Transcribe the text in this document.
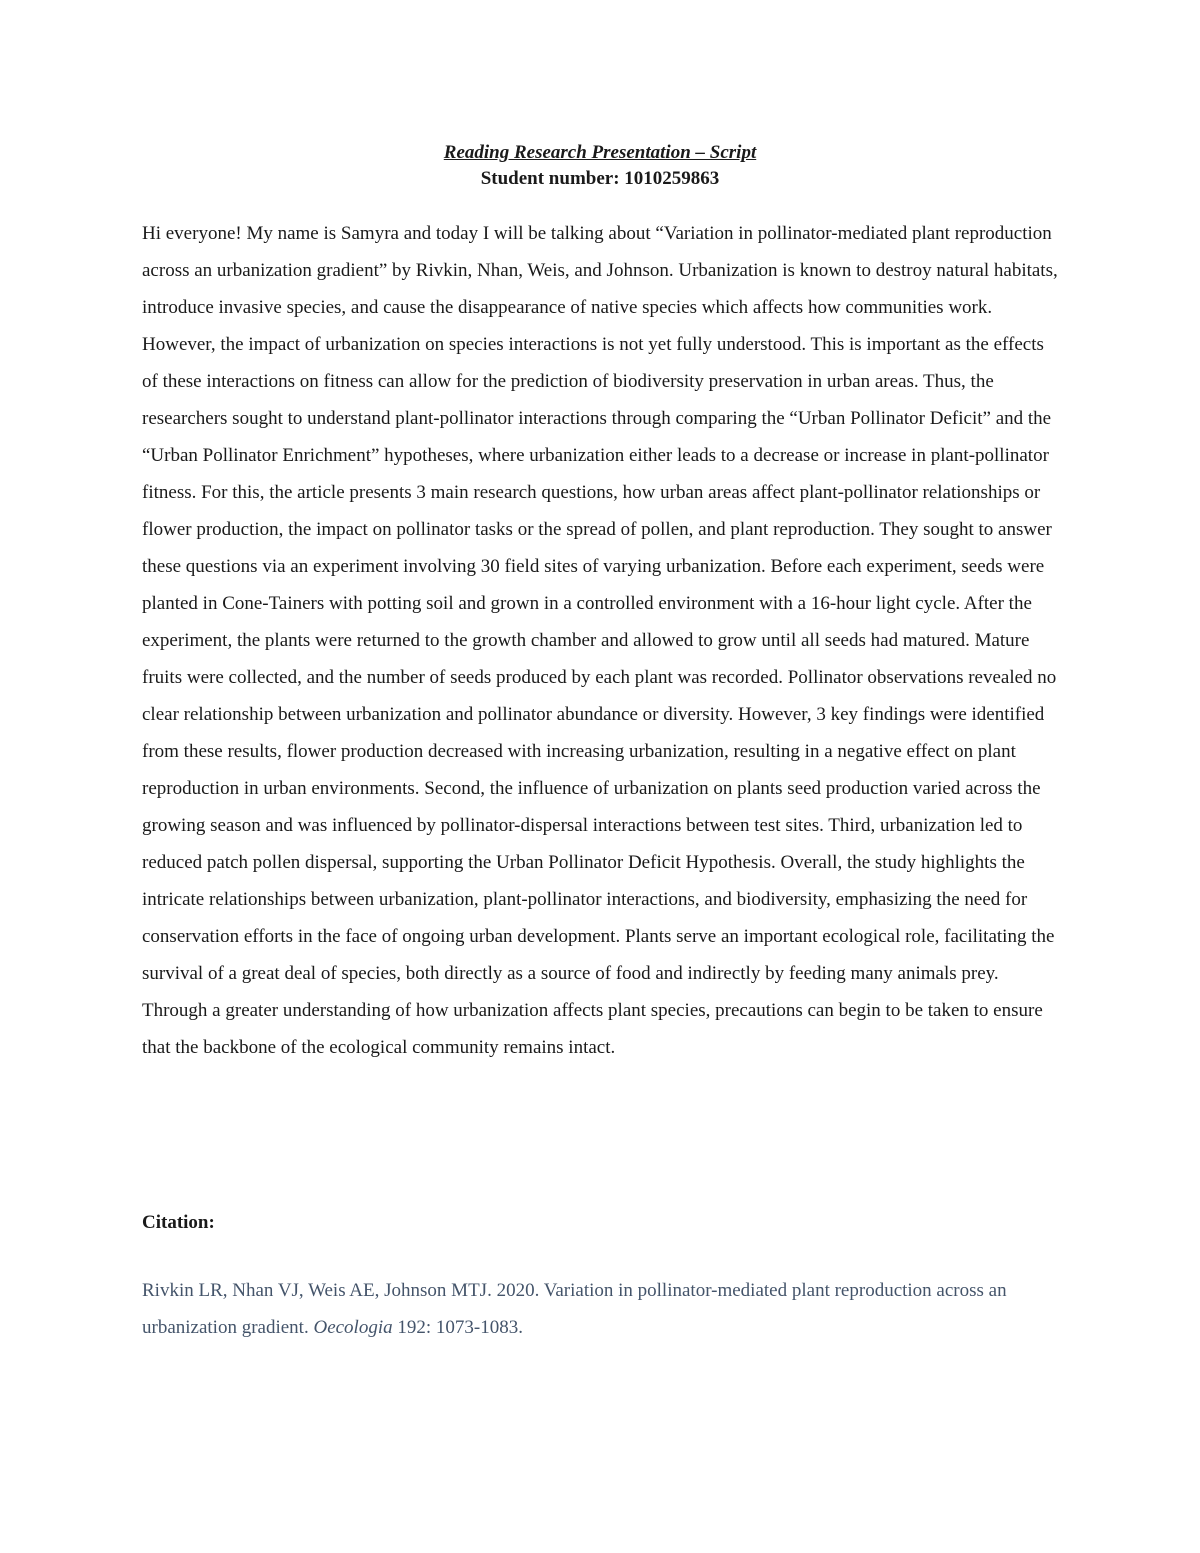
Reading Research Presentation – Script
Student number: 1010259863

Hi everyone! My name is Samyra and today I will be talking about “Variation in pollinator-mediated plant reproduction across an urbanization gradient” by Rivkin, Nhan, Weis, and Johnson. Urbanization is known to destroy natural habitats, introduce invasive species, and cause the disappearance of native species which affects how communities work. However, the impact of urbanization on species interactions is not yet fully understood. This is important as the effects of these interactions on fitness can allow for the prediction of biodiversity preservation in urban areas. Thus, the researchers sought to understand plant-pollinator interactions through comparing the “Urban Pollinator Deficit” and the “Urban Pollinator Enrichment” hypotheses, where urbanization either leads to a decrease or increase in plant-pollinator fitness. For this, the article presents 3 main research questions, how urban areas affect plant-pollinator relationships or flower production, the impact on pollinator tasks or the spread of pollen, and plant reproduction. They sought to answer these questions via an experiment involving 30 field sites of varying urbanization. Before each experiment, seeds were planted in Cone-Tainers with potting soil and grown in a controlled environment with a 16-hour light cycle. After the experiment, the plants were returned to the growth chamber and allowed to grow until all seeds had matured. Mature fruits were collected, and the number of seeds produced by each plant was recorded. Pollinator observations revealed no clear relationship between urbanization and pollinator abundance or diversity. However, 3 key findings were identified from these results, flower production decreased with increasing urbanization, resulting in a negative effect on plant reproduction in urban environments. Second, the influence of urbanization on plants seed production varied across the growing season and was influenced by pollinator-dispersal interactions between test sites. Third, urbanization led to reduced patch pollen dispersal, supporting the Urban Pollinator Deficit Hypothesis. Overall, the study highlights the intricate relationships between urbanization, plant-pollinator interactions, and biodiversity, emphasizing the need for conservation efforts in the face of ongoing urban development. Plants serve an important ecological role, facilitating the survival of a great deal of species, both directly as a source of food and indirectly by feeding many animals prey. Through a greater understanding of how urbanization affects plant species, precautions can begin to be taken to ensure that the backbone of the ecological community remains intact.

Citation:

Rivkin LR, Nhan VJ, Weis AE, Johnson MTJ. 2020. Variation in pollinator-mediated plant reproduction across an urbanization gradient. Oecologia 192: 1073-1083.
